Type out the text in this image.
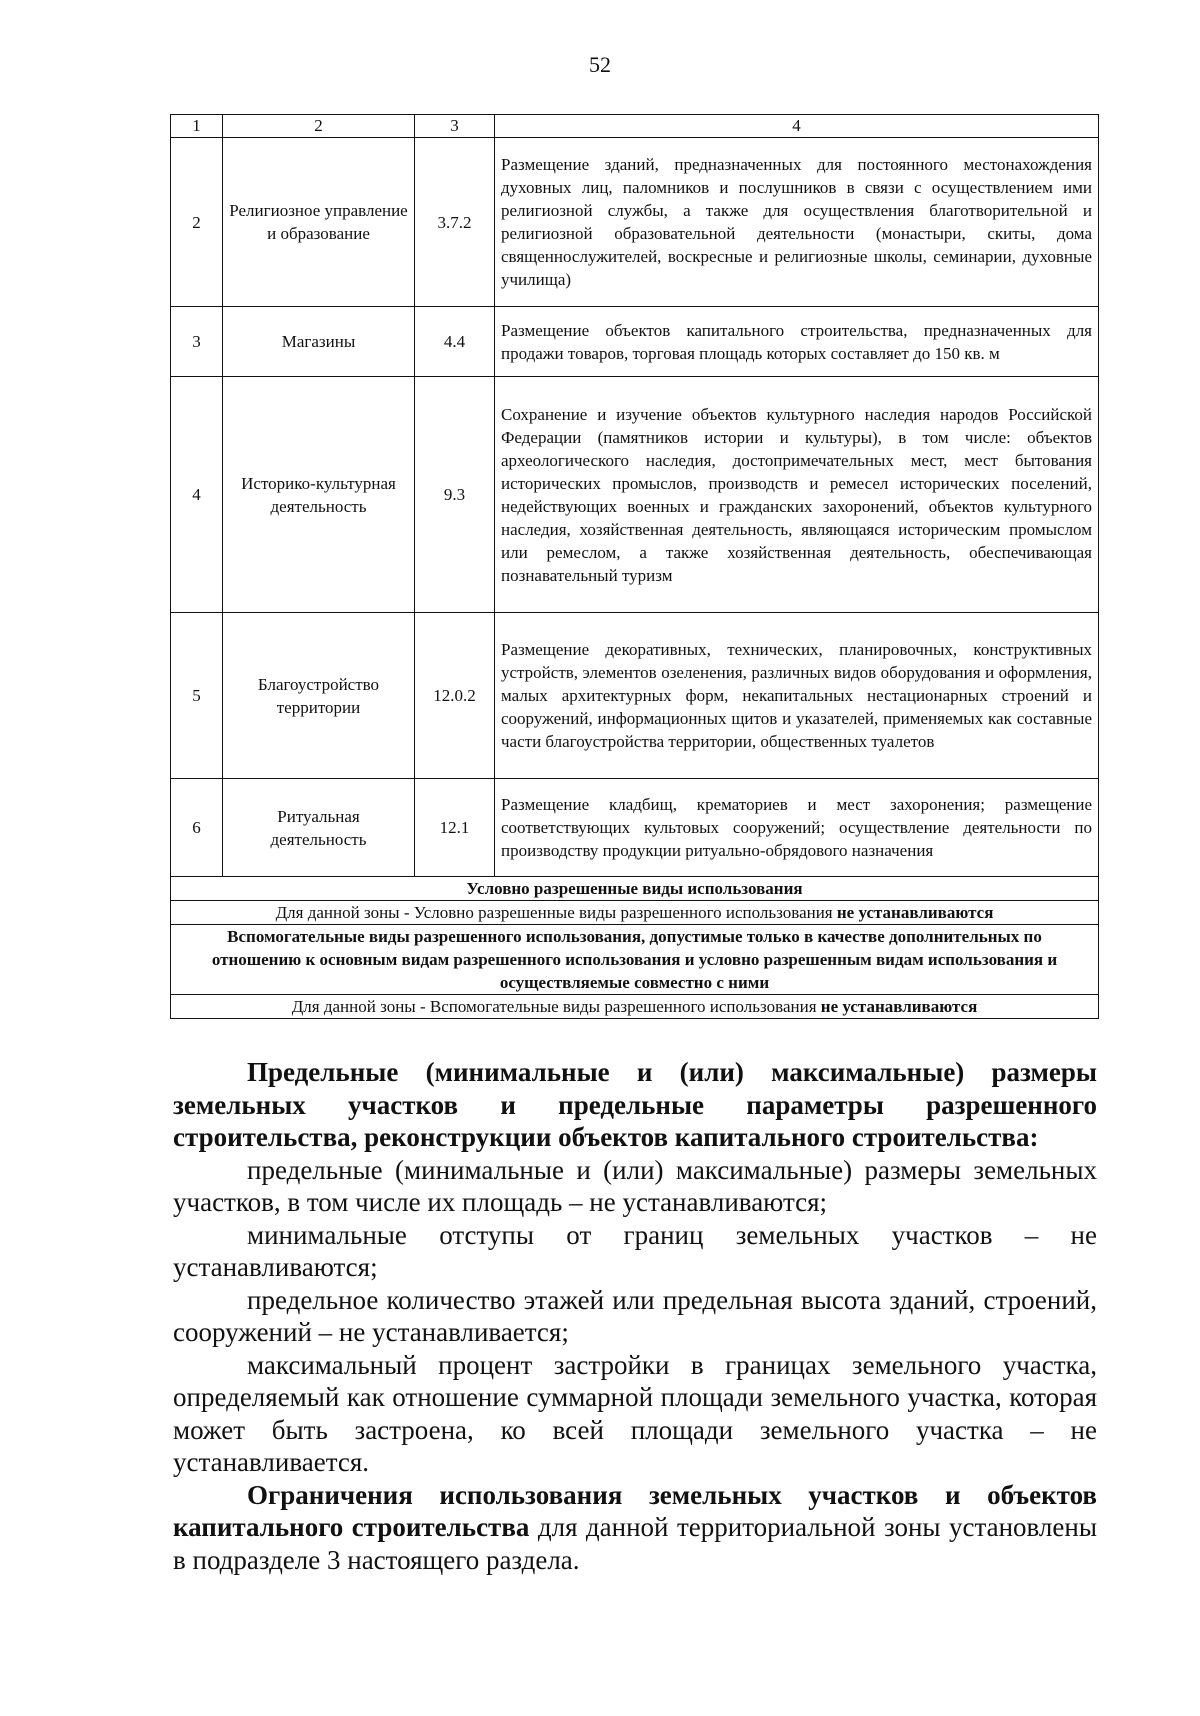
52
1	2	3	4
2	Религиозное управление и образование	3.7.2	Размещение зданий, предназначенных для постоянного местонахождения духовных лиц, паломников и послушников в связи с осуществлением ими религиозной службы, а также для осуществления благотворительной и религиозной образовательной деятельности (монастыри, скиты, дома священнослужителей, воскресные и религиозные школы, семинарии, духовные училища)
3	Магазины	4.4	Размещение объектов капитального строительства, предназначенных для продажи товаров, торговая площадь которых составляет до 150 кв. м
4	Историко-культурная деятельность	9.3	Сохранение и изучение объектов культурного наследия народов Российской Федерации (памятников истории и культуры), в том числе: объектов археологического наследия, достопримечательных мест, мест бытования исторических промыслов, производств и ремесел исторических поселений, недействующих военных и гражданских захоронений, объектов культурного наследия, хозяйственная деятельность, являющаяся историческим промыслом или ремеслом, а также хозяйственная деятельность, обеспечивающая познавательный туризм
5	Благоустройство территории	12.0.2	Размещение декоративных, технических, планировочных, конструктивных устройств, элементов озеленения, различных видов оборудования и оформления, малых архитектурных форм, некапитальных нестационарных строений и сооружений, информационных щитов и указателей, применяемых как составные части благоустройства территории, общественных туалетов
6	Ритуальная деятельность	12.1	Размещение кладбищ, крематориев и мест захоронения; размещение соответствующих культовых сооружений; осуществление деятельности по производству продукции ритуально-обрядового назначения
Условно разрешенные виды использования			
Для данной зоны - Условно разрешенные виды разрешенного использования не устанавливаются			
Вспомогательные виды разрешенного использования, допустимые только в качестве дополнительных по отношению к основным видам разрешенного использования и условно разрешенным видам использования и осуществляемые совместно с ними			
Для данной зоны - Вспомогательные виды разрешенного использования не устанавливаются			

Предельные (минимальные и (или) максимальные) размеры земельных участков и предельные параметры разрешенного строительства, реконструкции объектов капитального строительства:

предельные (минимальные и (или) максимальные) размеры земельных участков, в том числе их площадь – не устанавливаются;

минимальные отступы от границ земельных участков – не устанавливаются;

предельное количество этажей или предельная высота зданий, строений, сооружений – не устанавливается;

максимальный процент застройки в границах земельного участка, определяемый как отношение суммарной площади земельного участка, которая может быть застроена, ко всей площади земельного участка – не устанавливается.

Ограничения использования земельных участков и объектов капитального строительства для данной территориальной зоны установлены в подразделе 3 настоящего раздела.
